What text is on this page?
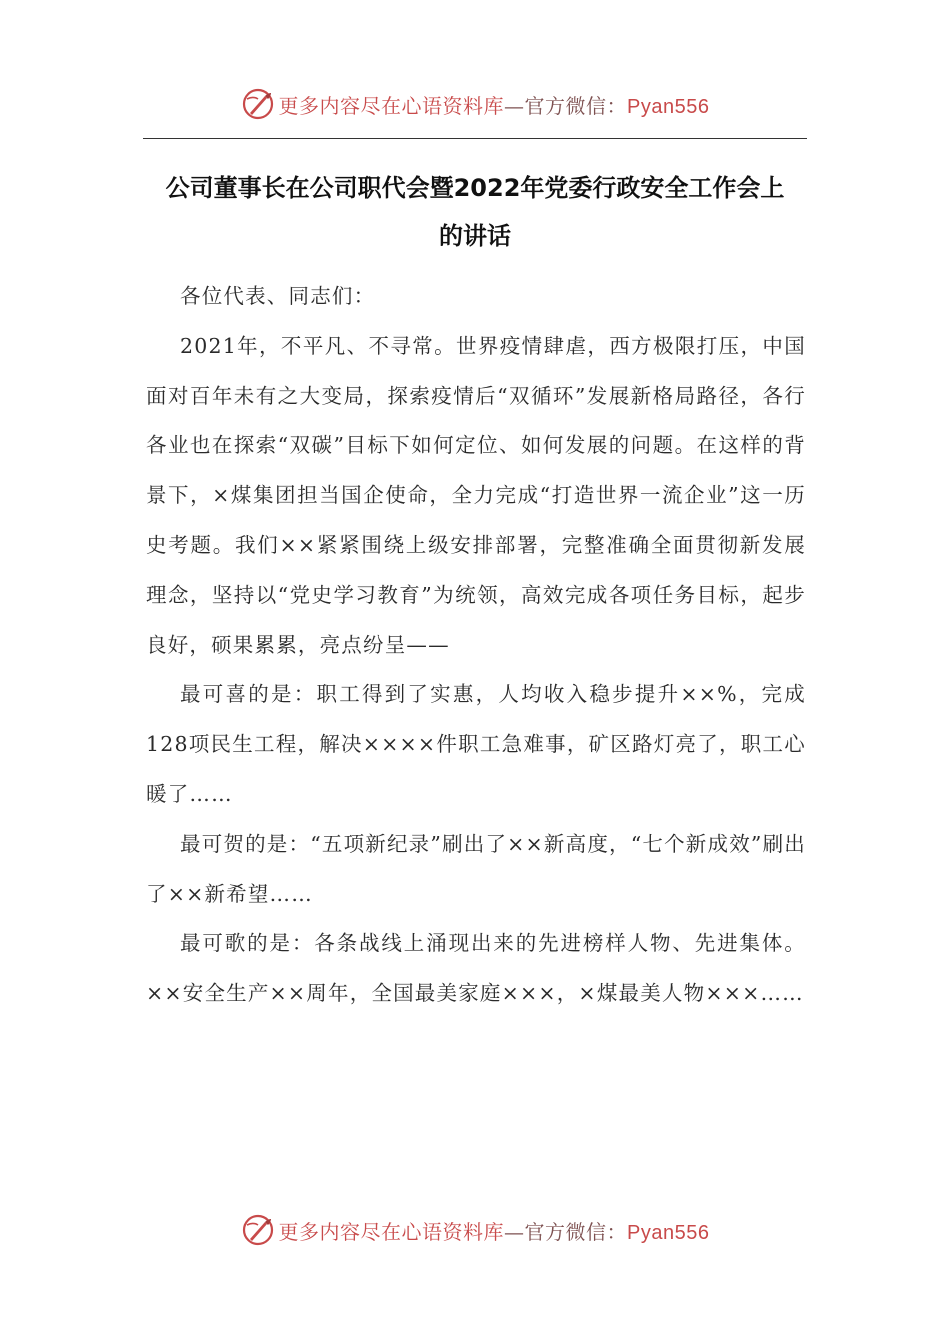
更多内容尽在心语资料库—官方微信：Pyan556
公司董事长在公司职代会暨2022年党委行政安全工作会上
的讲话

各位代表、同志们：

2021年，不平凡、不寻常。世界疫情肆虐，西方极限打压，中国面对百年未有之大变局，探索疫情后“双循环”发展新格局路径，各行各业也在探索“双碳”目标下如何定位、如何发展的问题。在这样的背景下，×煤集团担当国企使命，全力完成“打造世界一流企业”这一历史考题。我们××紧紧围绕上级安排部署，完整准确全面贯彻新发展理念，坚持以“党史学习教育”为统领，高效完成各项任务目标，起步良好，硕果累累，亮点纷呈——

最可喜的是：职工得到了实惠，人均收入稳步提升××%，完成128项民生工程，解决××××件职工急难事，矿区路灯亮了，职工心暖了……

最可贺的是：“五项新纪录”刷出了××新高度，“七个新成效”刷出了××新希望……

最可歌的是：各条战线上涌现出来的先进榜样人物、先进集体。××安全生产××周年，全国最美家庭×××，×煤最美人物×××……

更多内容尽在心语资料库—官方微信：Pyan556
